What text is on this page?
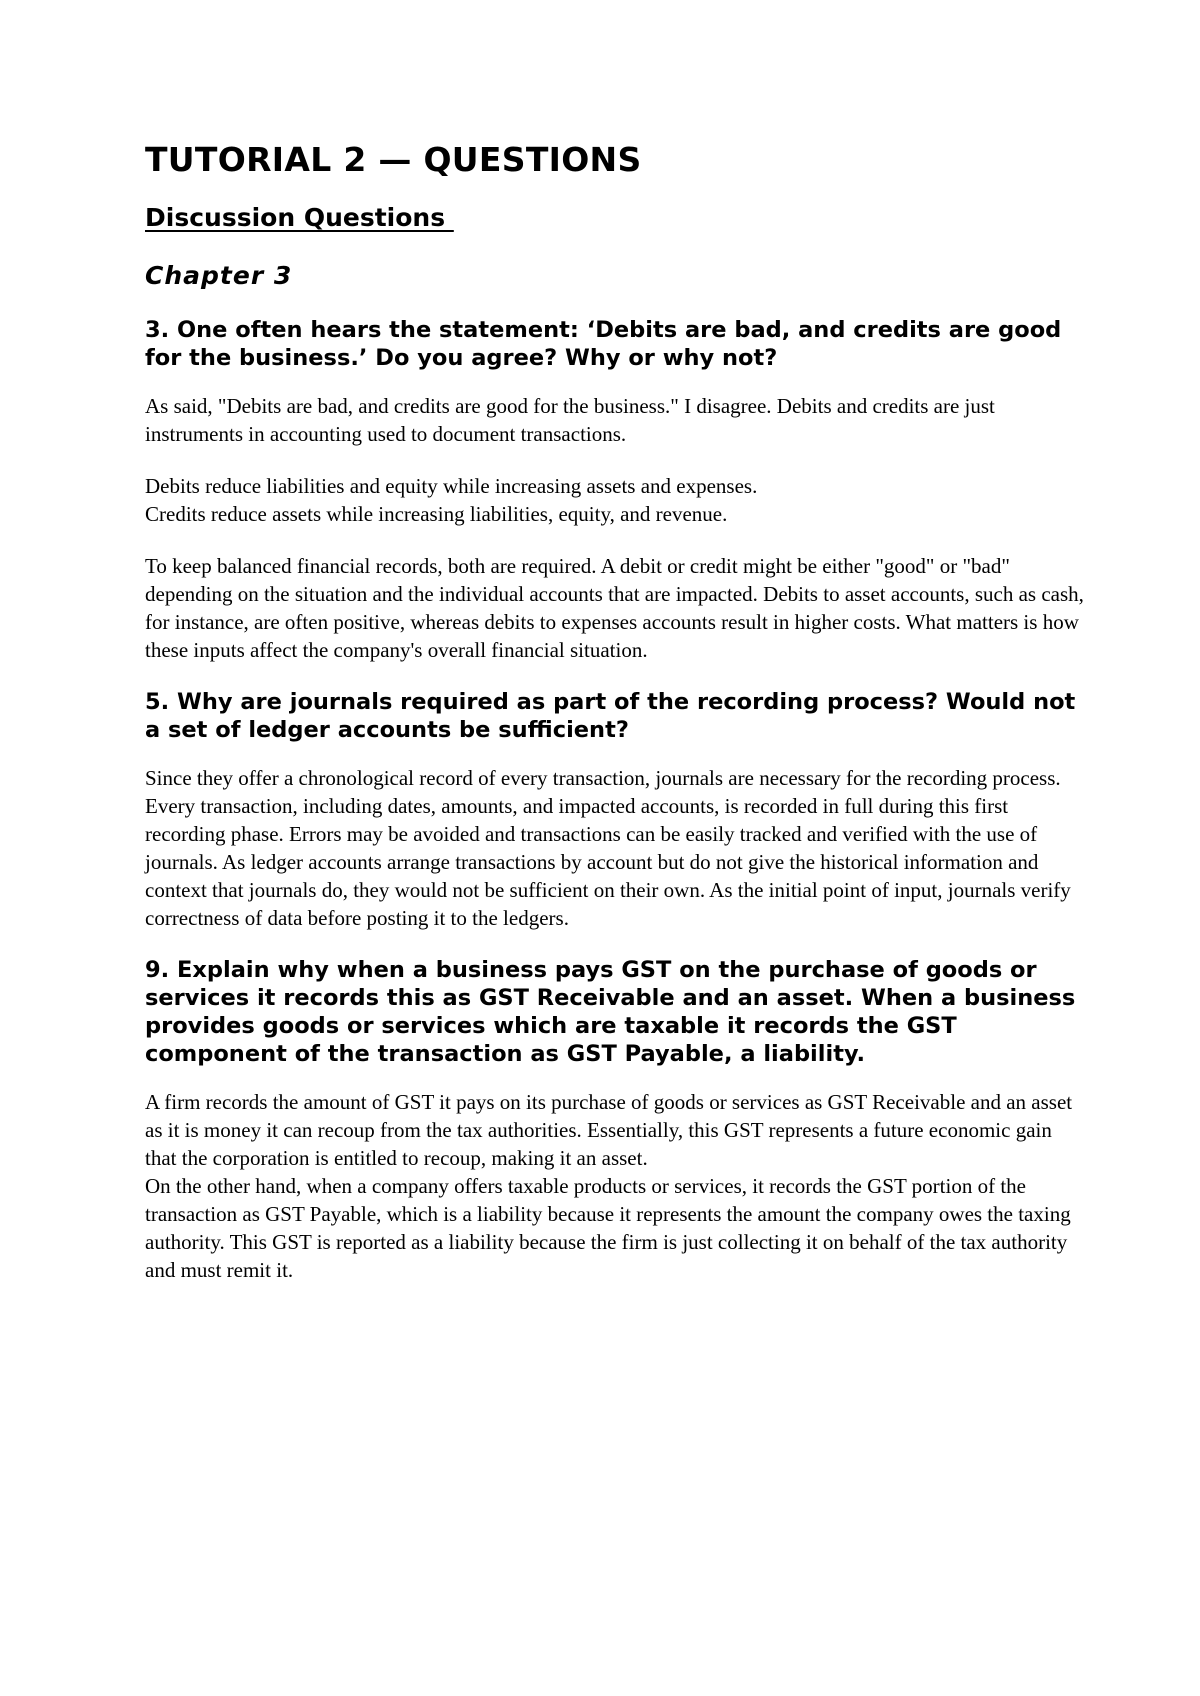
TUTORIAL 2 — QUESTIONS
Discussion Questions
Chapter 3

3. One often hears the statement: ‘Debits are bad, and credits are good for the business.’ Do you agree? Why or why not?

As said, "Debits are bad, and credits are good for the business." I disagree. Debits and credits are just instruments in accounting used to document transactions.

Debits reduce liabilities and equity while increasing assets and expenses.
Credits reduce assets while increasing liabilities, equity, and revenue.

To keep balanced financial records, both are required. A debit or credit might be either "good" or "bad" depending on the situation and the individual accounts that are impacted. Debits to asset accounts, such as cash, for instance, are often positive, whereas debits to expenses accounts result in higher costs. What matters is how these inputs affect the company's overall financial situation.

5. Why are journals required as part of the recording process? Would not a set of ledger accounts be sufficient?

Since they offer a chronological record of every transaction, journals are necessary for the recording process. Every transaction, including dates, amounts, and impacted accounts, is recorded in full during this first recording phase. Errors may be avoided and transactions can be easily tracked and verified with the use of journals. As ledger accounts arrange transactions by account but do not give the historical information and context that journals do, they would not be sufficient on their own. As the initial point of input, journals verify correctness of data before posting it to the ledgers.

9. Explain why when a business pays GST on the purchase of goods or services it records this as GST Receivable and an asset. When a business provides goods or services which are taxable it records the GST component of the transaction as GST Payable, a liability.

A firm records the amount of GST it pays on its purchase of goods or services as GST Receivable and an asset as it is money it can recoup from the tax authorities. Essentially, this GST represents a future economic gain that the corporation is entitled to recoup, making it an asset.
On the other hand, when a company offers taxable products or services, it records the GST portion of the transaction as GST Payable, which is a liability because it represents the amount the company owes the taxing authority. This GST is reported as a liability because the firm is just collecting it on behalf of the tax authority and must remit it.
